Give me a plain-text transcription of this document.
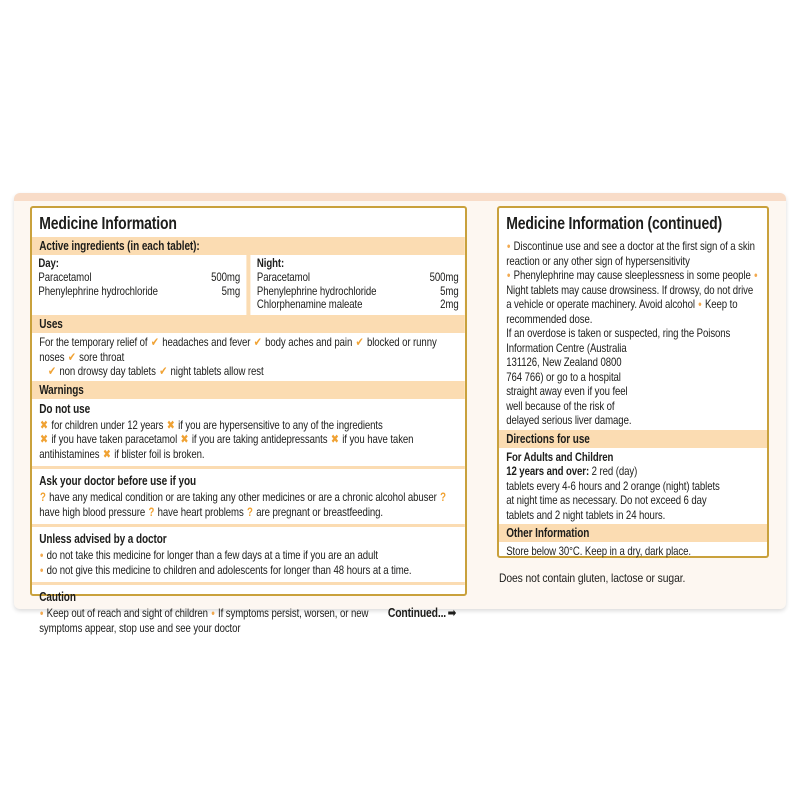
Medicine Information
Active ingredients (in each tablet):
Day:
Paracetamol	500mg
Phenylephrine hydrochloride	5mg
Night:
Paracetamol	500mg
Phenylephrine hydrochloride	5mg
Chlorphenamine maleate	2mg
Uses
For the temporary relief of ✔ headaches and fever ✔ body aches and pain ✔ blocked or runny noses ✔ sore throat
✔ non drowsy day tablets ✔ night tablets allow rest
Warnings
Do not use
✖ for children under 12 years ✖ if you are hypersensitive to any of the ingredients
✖ if you have taken paracetamol ✖ if you are taking antidepressants ✖ if you have taken antihistamines ✖ if blister foil is broken.
Ask your doctor before use if you
? have any medical condition or are taking any other medicines or are a chronic alcohol abuser ? have high blood pressure ? have heart problems ? are pregnant or breastfeeding.
Unless advised by a doctor
• do not take this medicine for longer than a few days at a time if you are an adult
• do not give this medicine to children and adolescents for longer than 48 hours at a time.
Caution
Continued... ➡
• Keep out of reach and sight of children • If symptoms persist, worsen, or new symptoms appear, stop use and see your doctor
Medicine Information (continued)
• Discontinue use and see a doctor at the first sign of a skin reaction or any other sign of hypersensitivity
• Phenylephrine may cause sleeplessness in some people • Night tablets may cause drowsiness. If drowsy, do not drive a vehicle or operate machinery. Avoid alcohol • Keep to recommended dose.
If an overdose is taken or suspected, ring the Poisons Information Centre (Australia
131126, New Zealand 0800
764 766) or go to a hospital
straight away even if you feel
well because of the risk of
delayed serious liver damage.
Directions for use
For Adults and Children
12 years and over: 2 red (day)
tablets every 4-6 hours and 2 orange (night) tablets
at night time as necessary. Do not exceed 6 day
tablets and 2 night tablets in 24 hours.
Other Information
Store below 30°C. Keep in a dry, dark place.
Does not contain gluten, lactose or sugar.
